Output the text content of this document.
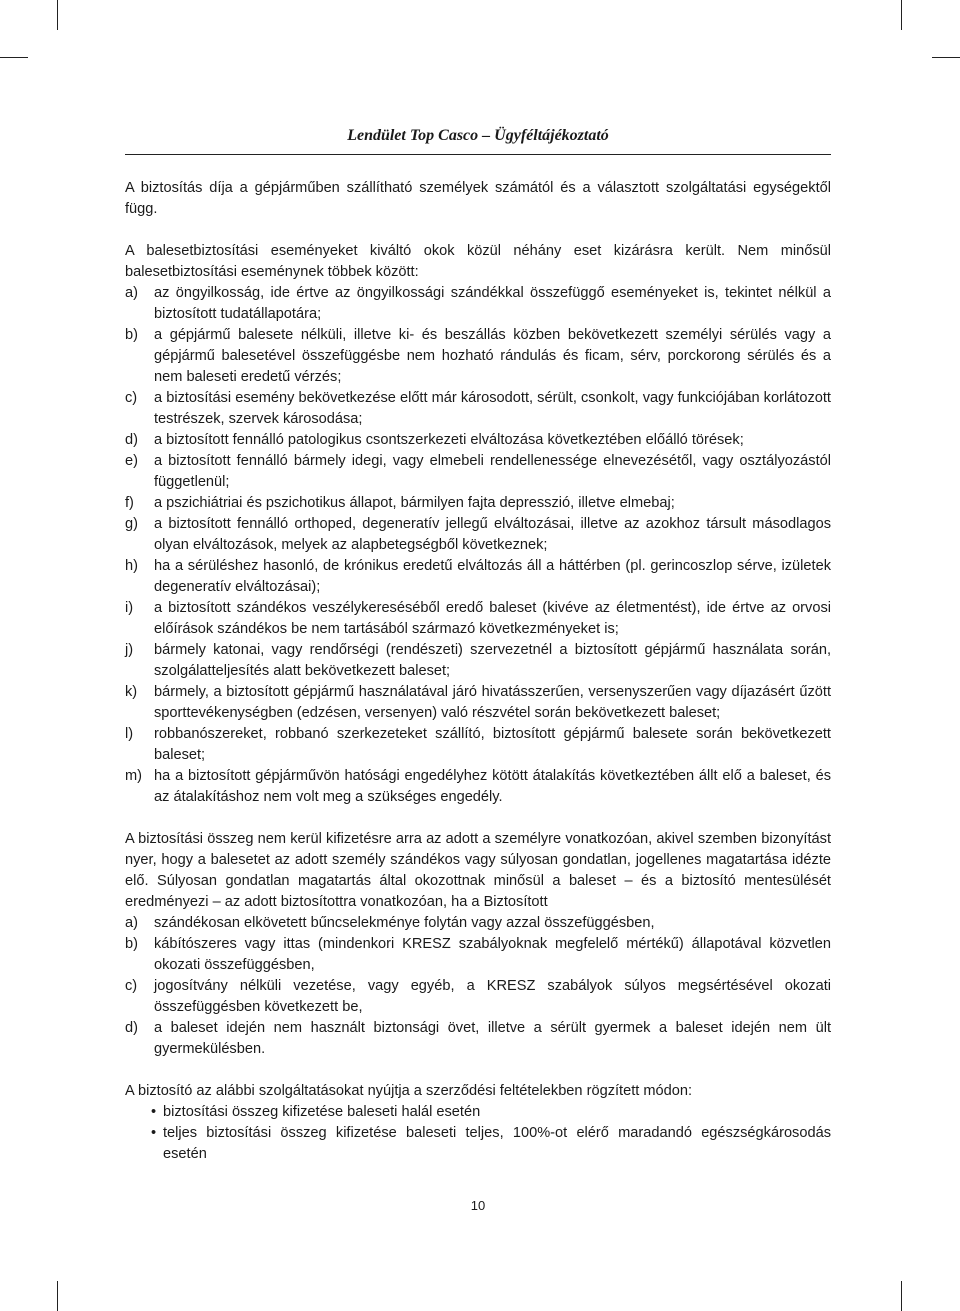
Lendület Top Casco – Ügyféltájékoztató

A biztosítás díja a gépjárműben szállítható személyek számától és a választott szolgáltatási egységektől függ.

A balesetbiztosítási eseményeket kiváltó okok közül néhány eset kizárásra került. Nem minősül balesetbiztosítási eseménynek többek között:

a)	az öngyilkosság, ide értve az öngyilkossági szándékkal összefüggő eseményeket is, tekintet nélkül a biztosított tudatállapotára;
b)	a gépjármű balesete nélküli, illetve ki- és beszállás közben bekövetkezett személyi sérülés vagy a gépjármű balesetével összefüggésbe nem hozható rándulás és ficam, sérv, porckorong sérülés és a nem baleseti eredetű vérzés;
c)	a biztosítási esemény bekövetkezése előtt már károsodott, sérült, csonkolt, vagy funkciójában korlátozott testrészek, szervek károsodása;
d)	a biztosított fennálló patologikus csontszerkezeti elváltozása következtében előálló törések;
e)	a biztosított fennálló bármely idegi, vagy elmebeli rendellenessége elnevezésétől, vagy osztályozástól függetlenül;
f)	a pszichiátriai és pszichotikus állapot, bármilyen fajta depresszió, illetve elmebaj;
g)	a biztosított fennálló orthoped, degeneratív jellegű elváltozásai, illetve az azokhoz társult másodlagos olyan elváltozások, melyek az alapbetegségből következnek;
h)	ha a sérüléshez hasonló, de krónikus eredetű elváltozás áll a háttérben (pl. gerincoszlop sérve, izületek degeneratív elváltozásai);
i)	a biztosított szándékos veszélykereséséből eredő baleset (kivéve az életmentést), ide értve az orvosi előírások szándékos be nem tartásából származó következményeket is;
j)	bármely katonai, vagy rendőrségi (rendészeti) szervezetnél a biztosított gépjármű használata során, szolgálatteljesítés alatt bekövetkezett baleset;
k)	bármely, a biztosított gépjármű használatával járó hivatásszerűen, versenyszerűen vagy díjazásért űzött sporttevékenységben (edzésen, versenyen) való részvétel során bekövetkezett baleset;
l)	robbanószereket, robbanó szerkezeteket szállító, biztosított gépjármű balesete során bekövetkezett baleset;
m) ha a biztosított gépjárművön hatósági engedélyhez kötött átalakítás következtében állt elő a baleset, és az átalakításhoz nem volt meg a szükséges engedély.

A biztosítási összeg nem kerül kifizetésre arra az adott a személyre vonatkozóan, akivel szemben bizonyítást nyer, hogy a balesetet az adott személy szándékos vagy súlyosan gondatlan, jogellenes magatartása idézte elő. Súlyosan gondatlan magatartás által okozottnak minősül a baleset – és a biztosító mentesülését eredményezi – az adott biztosítottra vonatkozóan, ha a Biztosított

a)	szándékosan elkövetett bűncselekménye folytán vagy azzal összefüggésben,
b)	kábítószeres vagy ittas (mindenkori KRESZ szabályoknak megfelelő mértékű) állapotával közvetlen okozati összefüggésben,
c)	jogosítvány nélküli vezetése, vagy egyéb, a KRESZ szabályok súlyos megsértésével okozati összefüggésben következett be,
d)	a baleset idején nem használt biztonsági övet, illetve a sérült gyermek a baleset idején nem ült gyermekülésben.

A biztosító az alábbi szolgáltatásokat nyújtja a szerződési feltételekben rögzített módon:

• biztosítási összeg kifizetése baleseti halál esetén
• teljes biztosítási összeg kifizetése baleseti teljes, 100%-ot elérő maradandó egészségkárosodás esetén
10
